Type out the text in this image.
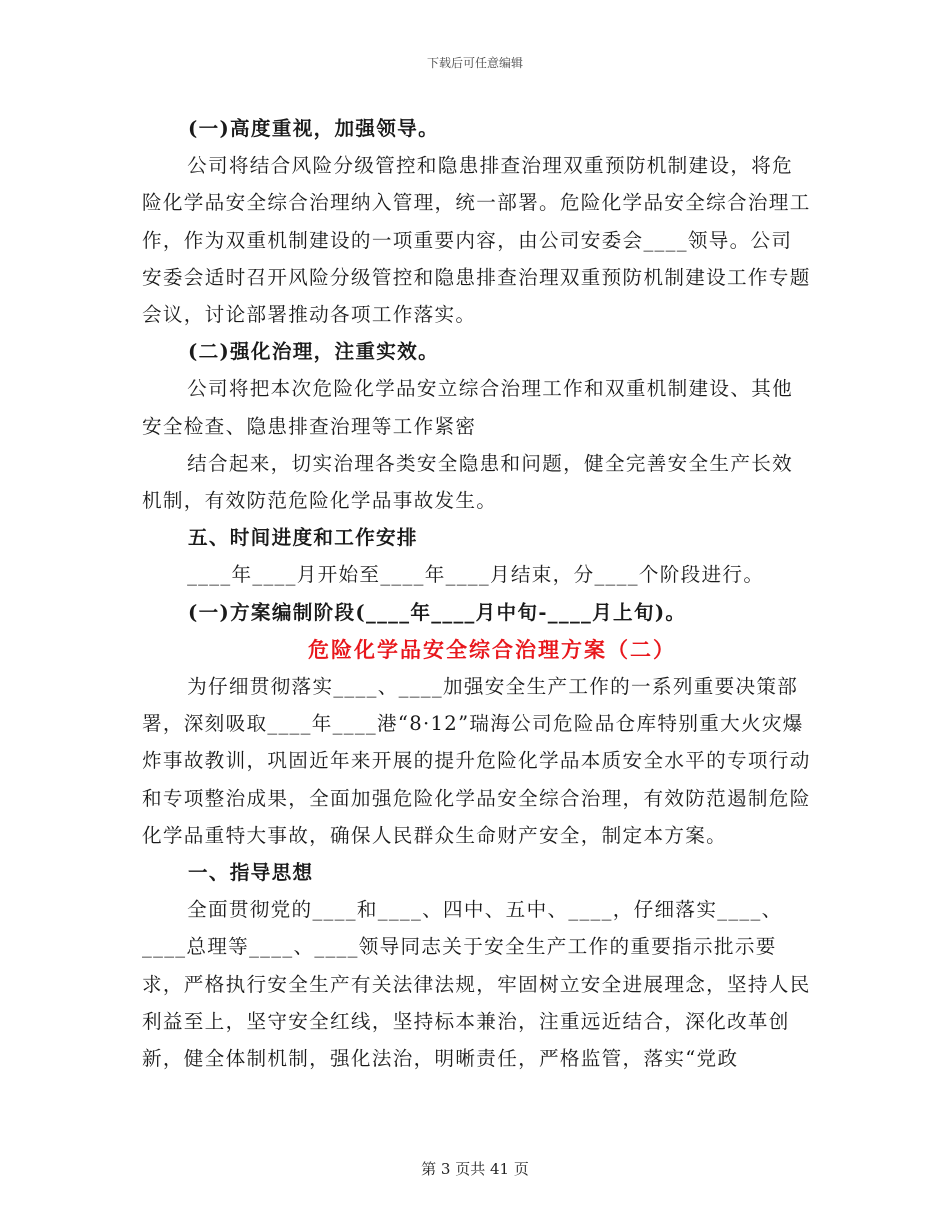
下载后可任意编辑

(一)高度重视，加强领导。

公司将结合风险分级管控和隐患排查治理双重预防机制建设，将危险化学品安全综合治理纳入管理，统一部署。危险化学品安全综合治理工作，作为双重机制建设的一项重要内容，由公司安委会____领导。公司安委会适时召开风险分级管控和隐患排查治理双重预防机制建设工作专题会议，讨论部署推动各项工作落实。

(二)强化治理，注重实效。

公司将把本次危险化学品安立综合治理工作和双重机制建设、其他安全检查、隐患排查治理等工作紧密

结合起来，切实治理各类安全隐患和问题，健全完善安全生产长效机制，有效防范危险化学品事故发生。

五、时间进度和工作安排

____年____月开始至____年____月结束，分____个阶段进行。

(一)方案编制阶段(____年____月中旬-____月上旬)。

危险化学品安全综合治理方案（二）

为仔细贯彻落实____、____加强安全生产工作的一系列重要决策部署，深刻吸取____年____港“8·12”瑞海公司危险品仓库特别重大火灾爆炸事故教训，巩固近年来开展的提升危险化学品本质安全水平的专项行动和专项整治成果，全面加强危险化学品安全综合治理，有效防范遏制危险化学品重特大事故，确保人民群众生命财产安全，制定本方案。

一、指导思想

全面贯彻党的____和____、四中、五中、____，仔细落实____、____总理等____、____领导同志关于安全生产工作的重要指示批示要求，严格执行安全生产有关法律法规，牢固树立安全进展理念，坚持人民利益至上，坚守安全红线，坚持标本兼治，注重远近结合，深化改革创新，健全体制机制，强化法治，明晰责任，严格监管，落实“党政

第 3 页共 41 页
